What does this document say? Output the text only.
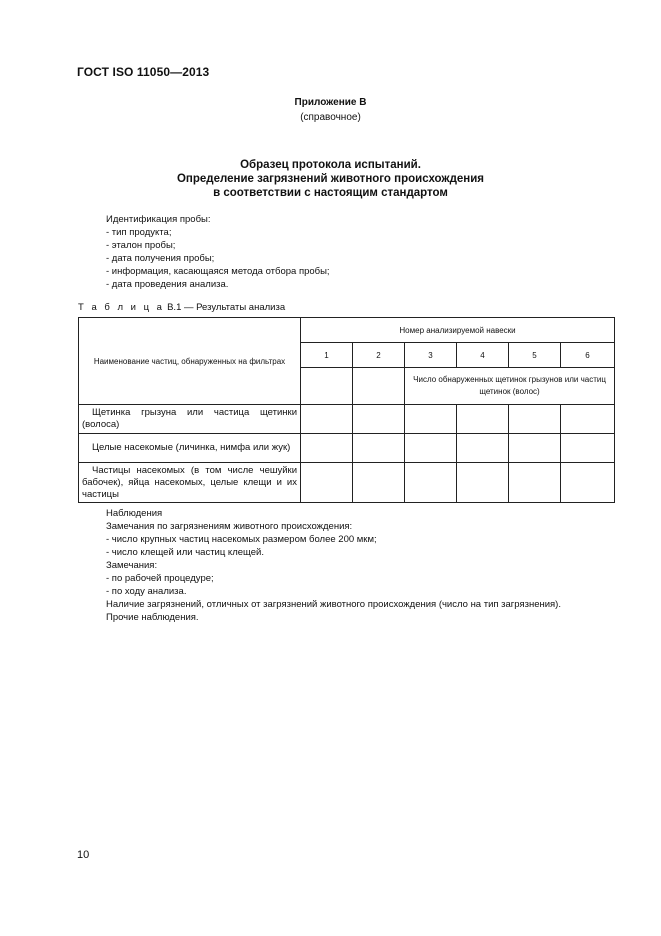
ГОСТ ISO 11050—2013
Приложение В
(справочное)
Образец протокола испытаний.
Определение загрязнений животного происхождения
в соответствии с настоящим стандартом
Идентификация пробы:
- тип продукта;
- эталон пробы;
- дата получения пробы;
- информация, касающаяся метода отбора пробы;
- дата проведения анализа.
Т а б л и ц а В.1 — Результаты анализа
Наименование частиц, обнаруженных на фильтрах	Номер анализируемой навески					
	1	2	3	4	5	6
			Число обнаруженных щетинок грызунов или частиц щетинок (волос)			
Щетинка грызуна или частица щетинки (волоса)						
Целые насекомые (личинка, нимфа или жук)						
Частицы насекомых (в том числе чешуйки бабочек), яйца насекомых, целые клещи и их частицы						
Наблюдения
Замечания по загрязнениям животного происхождения:
- число крупных частиц насекомых размером более 200 мкм;
- число клещей или частиц клещей.
Замечания:
- по рабочей процедуре;
- по ходу анализа.
Наличие загрязнений, отличных от загрязнений животного происхождения (число на тип загрязнения).
Прочие наблюдения.
10
